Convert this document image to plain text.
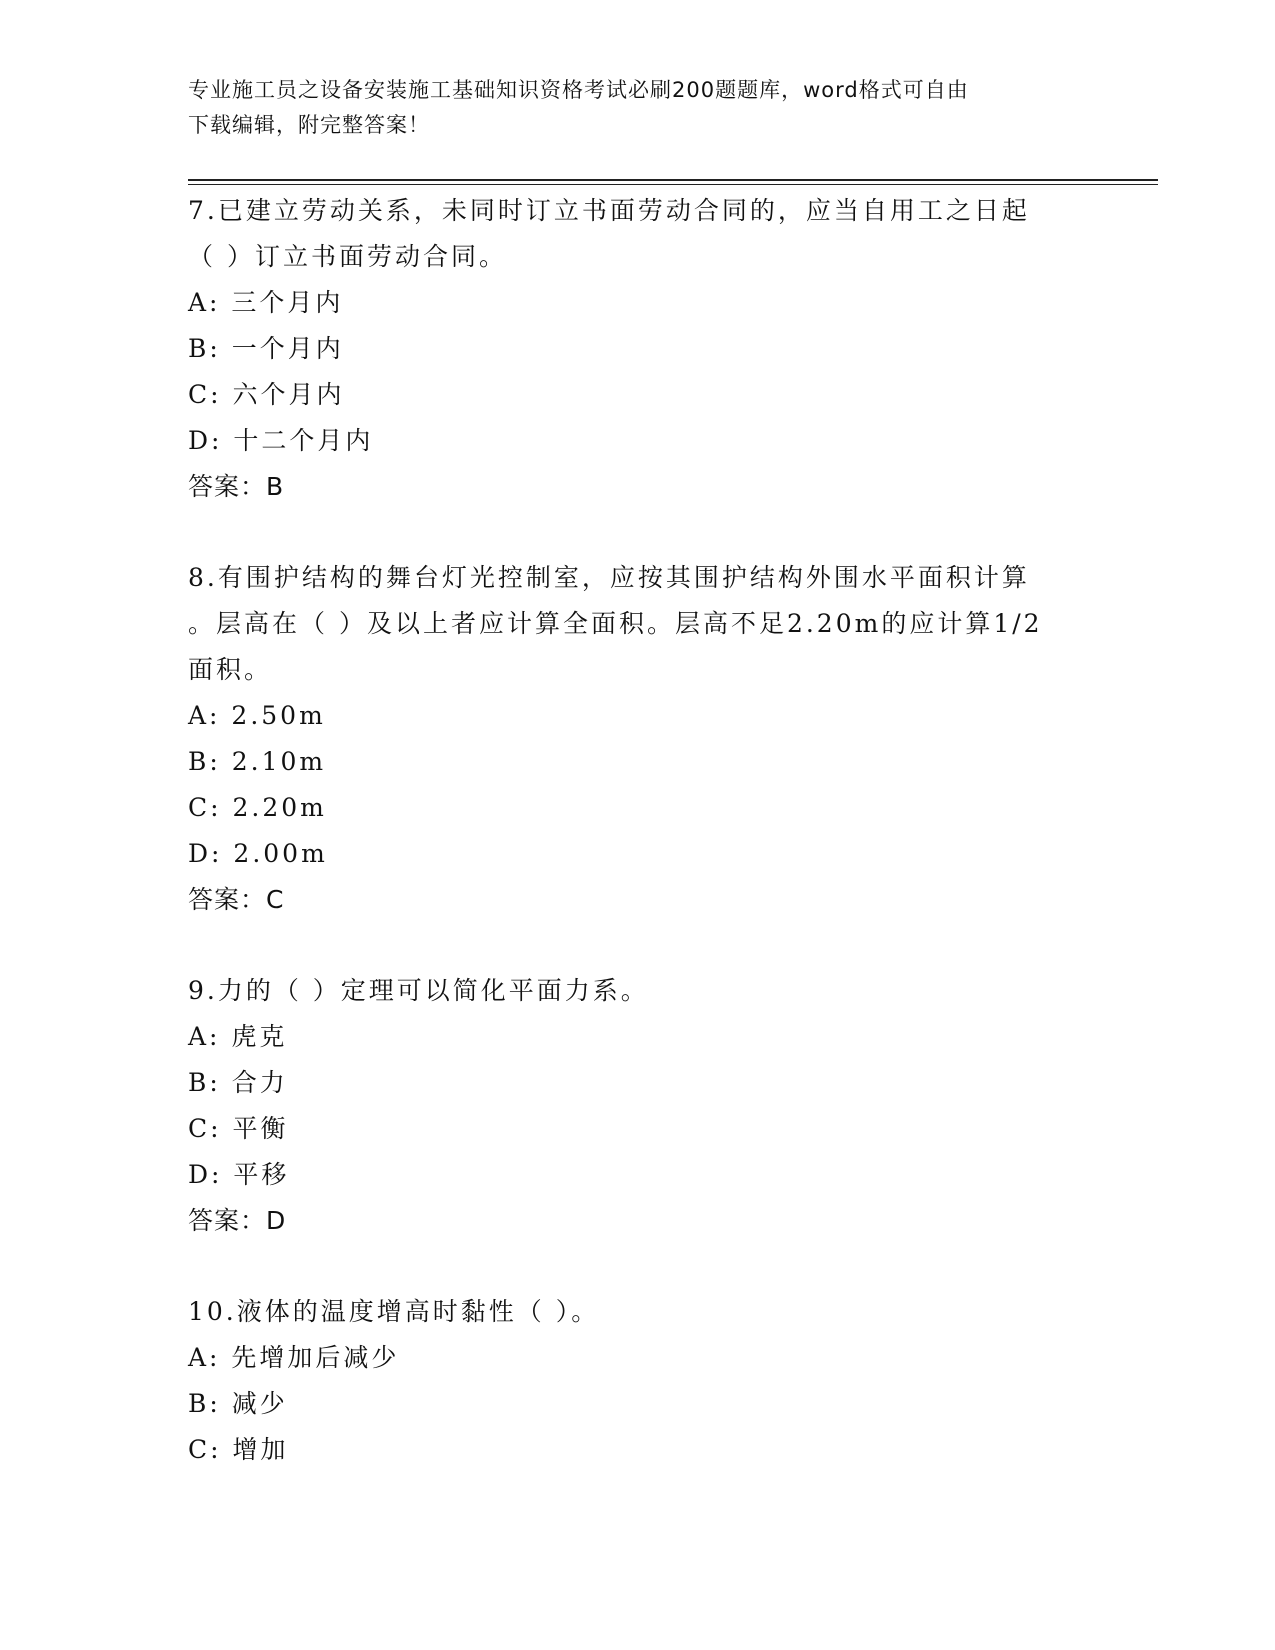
专业施工员之设备安装施工基础知识资格考试必刷200题题库，word格式可自由
下载编辑，附完整答案！

7.已建立劳动关系，未同时订立书面劳动合同的，应当自用工之日起

（ ）订立书面劳动合同。

A: 三个月内

B: 一个月内

C: 六个月内

D: 十二个月内

答案：B

8.有围护结构的舞台灯光控制室，应按其围护结构外围水平面积计算

。层高在（ ）及以上者应计算全面积。层高不足2.20m的应计算1/2

面积。

A: 2.50m

B: 2.10m

C: 2.20m

D: 2.00m

答案：C

9.力的（ ）定理可以简化平面力系。

A: 虎克

B: 合力

C: 平衡

D: 平移

答案：D

10.液体的温度增高时黏性（ ）。

A: 先增加后减少

B: 减少

C: 增加
